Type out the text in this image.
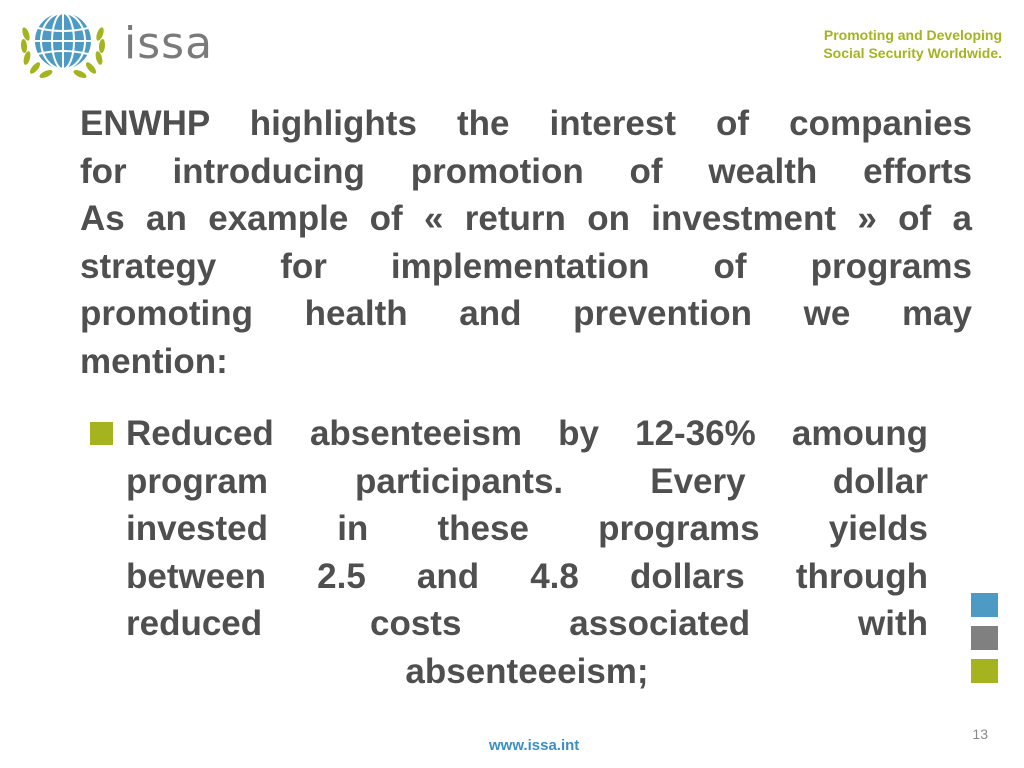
issa	Promoting and Developing
Social Security Worldwide.
ENWHP highlights the interest of companies
for introducing promotion of wealth efforts
As an example of « return on investment » of a
strategy for implementation of programs
promoting health and prevention we may
mention:
Reduced absenteeism by 12-36% amoung
program participants. Every dollar
invested in these programs yields
between 2.5 and 4.8 dollars through
reduced costs associated with
absenteeeism;
13
www.issa.int
